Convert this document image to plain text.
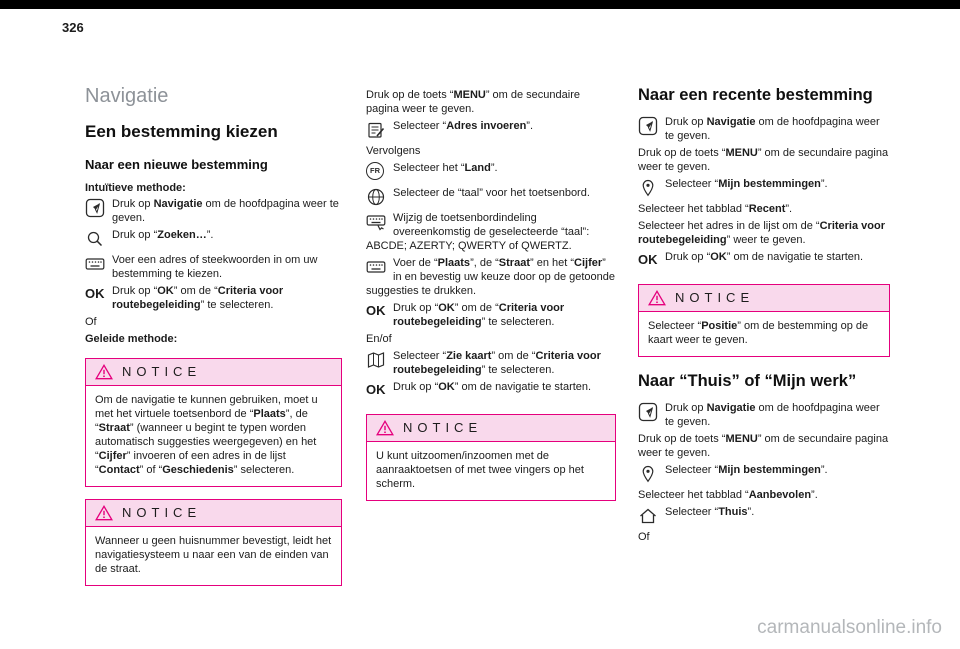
326
Navigatie
Een bestemming kiezen
Naar een nieuwe bestemming

Intuïtieve methode:

Druk op Navigatie om de hoofdpagina weer te geven.

Druk op “Zoeken…”.

Voer een adres of steekwoorden in om uw bestemming te kiezen.

OK Druk op “OK” om de “Criteria voor routebegeleiding” te selecteren.

Of

Geleide methode:

NOTICE

Om de navigatie te kunnen gebruiken, moet u met het virtuele toetsenbord de “Plaats”, de “Straat” (wanneer u begint te typen worden automatisch suggesties weergegeven) en het “Cijfer” invoeren of een adres in de lijst “Contact” of “Geschiedenis” selecteren.

NOTICE

Wanneer u geen huisnummer bevestigt, leidt het navigatiesysteem u naar een van de einden van de straat.

Druk op de toets “MENU” om de secundaire pagina weer te geven.

Selecteer “Adres invoeren”.

Vervolgens

FR	Selecteer het “Land”.

Selecteer de “taal” voor het toetsenbord.

Wijzig de toetsenbordindeling overeenkomstig de geselecteerde “taal”: ABCDE; AZERTY; QWERTY of QWERTZ.

Voer de “Plaats”, de “Straat” en het “Cijfer” in en bevestig uw keuze door op de getoonde suggesties te drukken.

OK Druk op “OK” om de “Criteria voor routebegeleiding” te selecteren.

En/of

Selecteer “Zie kaart” om de “Criteria voor routebegeleiding” te selecteren.

OK Druk op “OK” om de navigatie te starten.

NOTICE

U kunt uitzoomen/inzoomen met de aanraaktoetsen of met twee vingers op het scherm.

Naar een recente bestemming

Druk op Navigatie om de hoofdpagina weer te geven.

Druk op de toets “MENU” om de secundaire pagina weer te geven.

Selecteer “Mijn bestemmingen”.

Selecteer het tabblad “Recent”.

Selecteer het adres in de lijst om de “Criteria voor routebegeleiding” weer te geven.

OK Druk op “OK” om de navigatie te starten.

NOTICE

Selecteer “Positie” om de bestemming op de kaart weer te geven.

Naar “Thuis” of “Mijn werk”

Druk op Navigatie om de hoofdpagina weer te geven.

Druk op de toets “MENU” om de secundaire pagina weer te geven.

Selecteer “Mijn bestemmingen”.

Selecteer het tabblad “Aanbevolen”.

Selecteer “Thuis”.

Of

carmanualsonline.info
